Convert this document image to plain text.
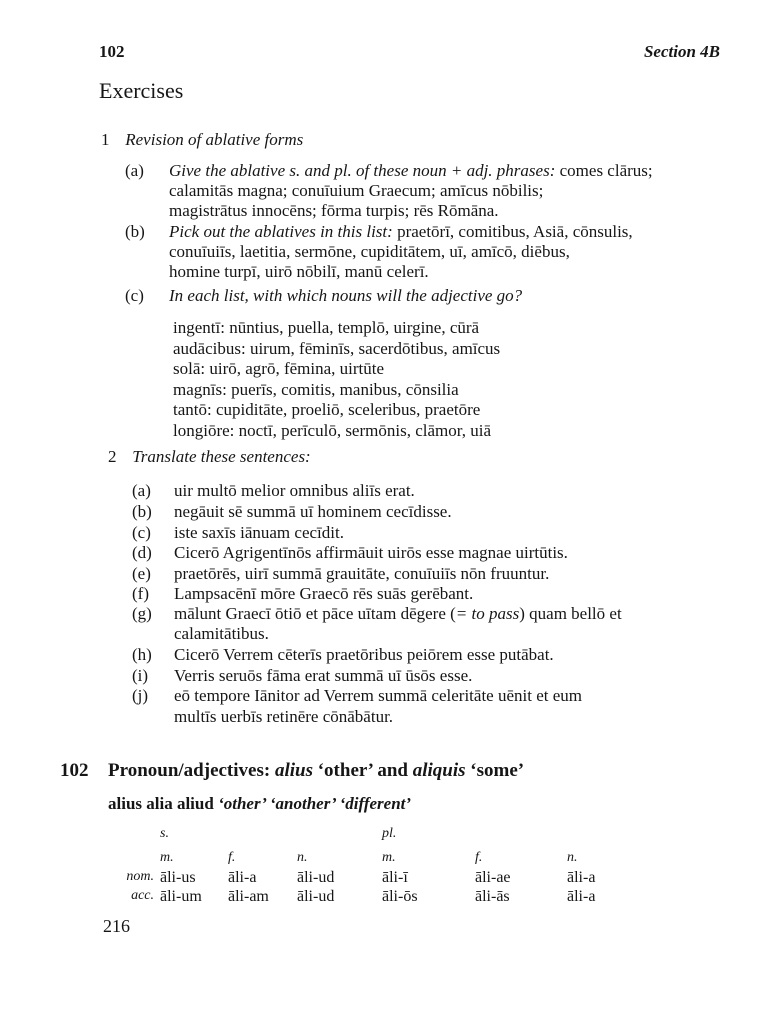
102	Section 4B
Exercises
1 Revision of ablative forms
(a) Give the ablative s. and pl. of these noun + adj. phrases: comes clārus;
calamitās magna; conuīuium Graecum; amīcus nōbilis;
magistrātus innocēns; fōrma turpis; rēs Rōmāna.
(b) Pick out the ablatives in this list: praetōrī, comitibus, Asiā, cōnsulis,
conuīuiīs, laetitia, sermōne, cupiditātem, uī, amīcō, diēbus,
homine turpī, uirō nōbilī, manū celerī.
(c) In each list, with which nouns will the adjective go?
ingentī: nūntius, puella, templō, uirgine, cūrā
audācibus: uirum, fēminīs, sacerdōtibus, amīcus
solā: uirō, agrō, fēmina, uirtūte
magnīs: puerīs, comitis, manibus, cōnsilia
tantō: cupiditāte, proeliō, sceleribus, praetōre
longiōre: noctī, perīculō, sermōnis, clāmor, uiā
2 Translate these sentences:
(a) uir multō melior omnibus aliīs erat.
(b) negāuit sē summā uī hominem cecīdisse.
(c) iste saxīs iānuam cecīdit.
(d) Cicerō Agrigentīnōs affirmāuit uirōs esse magnae uirtūtis.
(e) praetōrēs, uirī summā grauitāte, conuīuiīs nōn fruuntur.
(f) Lampsacēnī mōre Graecō rēs suās gerēbant.
(g) mālunt Graecī ōtiō et pāce uītam dēgere (= to pass) quam bellō et
calamitātibus.
(h) Cicerō Verrem cēterīs praetōribus peiōrem esse putābat.
(i) Verris seruōs fāma erat summā uī ūsōs esse.
(j) eō tempore Iānitor ad Verrem summā celeritāte uēnit et eum
multīs uerbīs retinēre cōnābātur.
102 Pronoun/adjectives: alius ‘other’ and aliquis ‘some’
alius alia aliud ‘other’ ‘another’ ‘different’
s.	pl.
m.	f.	n.	m.	f.	n.
nom. āli-us āli-a	āli-ud	āli-ī	āli-ae	āli-a
acc. āli-um āli-am āli-ud	āli-ōs	āli-ās	āli-a
216
